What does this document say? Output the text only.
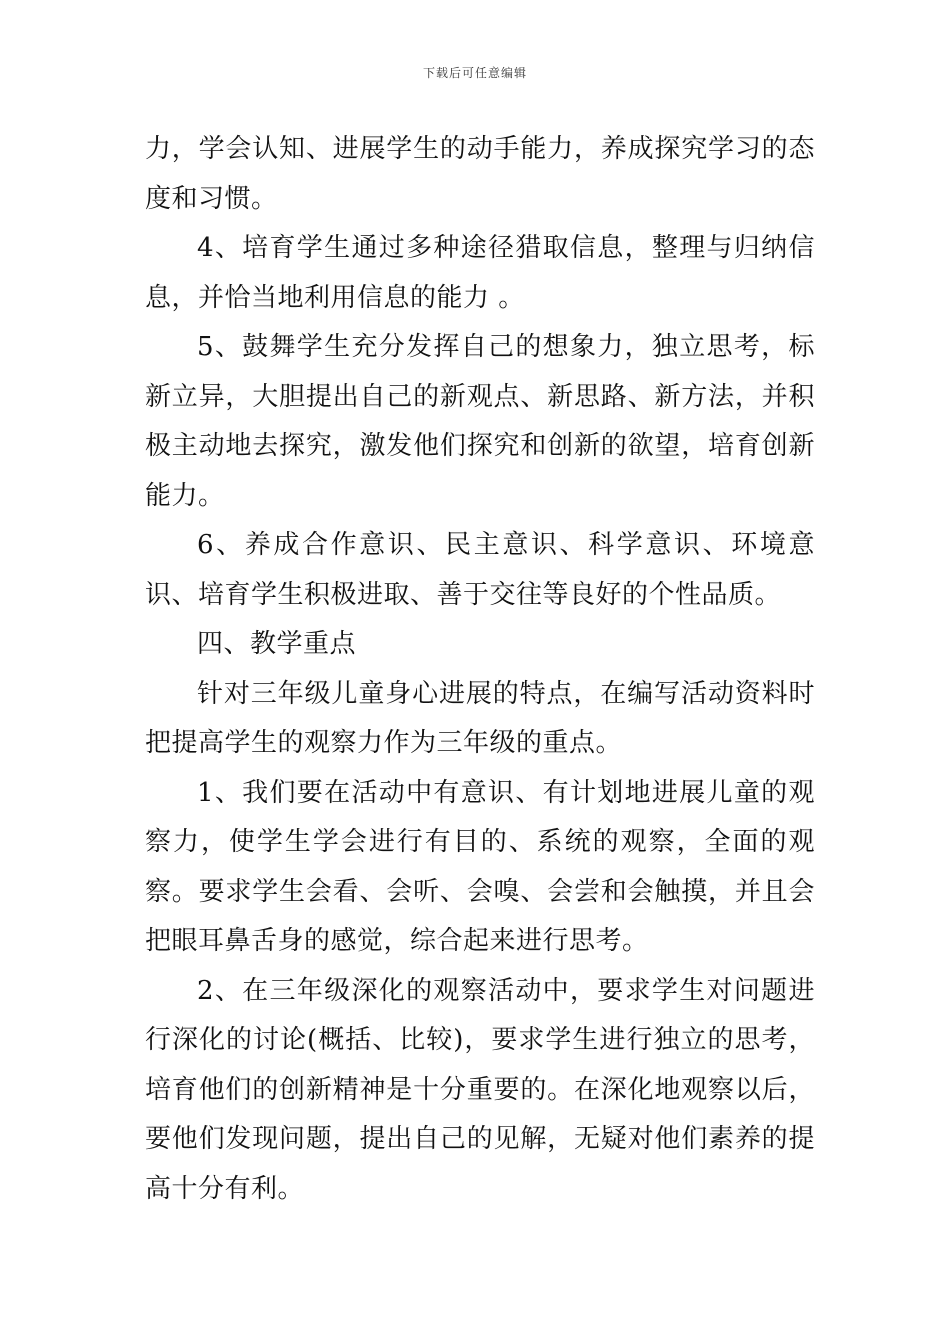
下载后可任意编辑

力，学会认知、进展学生的动手能力，养成探究学习的态度和习惯。

4、培育学生通过多种途径猎取信息，整理与归纳信息，并恰当地利用信息的能力 。

5、鼓舞学生充分发挥自己的想象力，独立思考，标新立异，大胆提出自己的新观点、新思路、新方法，并积极主动地去探究，激发他们探究和创新的欲望，培育创新能力。

6、养成合作意识、民主意识、科学意识、环境意识、培育学生积极进取、善于交往等良好的个性品质。

四、教学重点

针对三年级儿童身心进展的特点，在编写活动资料时把提高学生的观察力作为三年级的重点。

1、我们要在活动中有意识、有计划地进展儿童的观察力，使学生学会进行有目的、系统的观察，全面的观察。要求学生会看、会听、会嗅、会尝和会触摸，并且会把眼耳鼻舌身的感觉，综合起来进行思考。

2、在三年级深化的观察活动中，要求学生对问题进行深化的讨论(概括、比较)，要求学生进行独立的思考，培育他们的创新精神是十分重要的。在深化地观察以后，要他们发现问题，提出自己的见解，无疑对他们素养的提高十分有利。
